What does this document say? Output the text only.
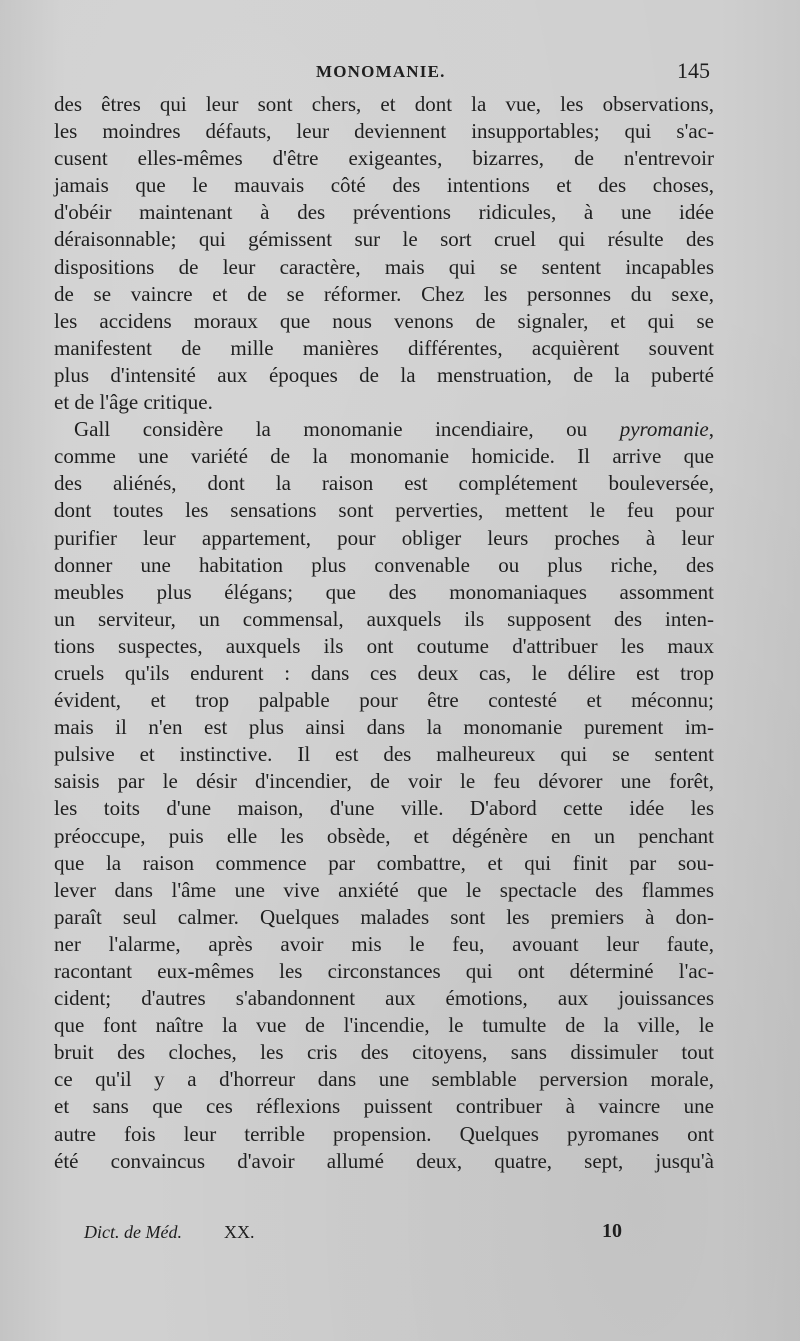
MONOMANIE.	145
des êtres qui leur sont chers, et dont la vue, les observations,
les moindres défauts, leur deviennent insupportables; qui s'ac-
cusent elles-mêmes d'être exigeantes, bizarres, de n'entrevoir
jamais que le mauvais côté des intentions et des choses,
d'obéir maintenant à des préventions ridicules, à une idée
déraisonnable; qui gémissent sur le sort cruel qui résulte des
dispositions de leur caractère, mais qui se sentent incapables
de se vaincre et de se réformer. Chez les personnes du sexe,
les accidens moraux que nous venons de signaler, et qui se
manifestent de mille manières différentes, acquièrent souvent
plus d'intensité aux époques de la menstruation, de la puberté
et de l'âge critique.
Gall considère la monomanie incendiaire, ou pyromanie,
comme une variété de la monomanie homicide. Il arrive que
des aliénés, dont la raison est complétement bouleversée,
dont toutes les sensations sont perverties, mettent le feu pour
purifier leur appartement, pour obliger leurs proches à leur
donner une habitation plus convenable ou plus riche, des
meubles plus élégans; que des monomaniaques assomment
un serviteur, un commensal, auxquels ils supposent des inten-
tions suspectes, auxquels ils ont coutume d'attribuer les maux
cruels qu'ils endurent : dans ces deux cas, le délire est trop
évident, et trop palpable pour être contesté et méconnu;
mais il n'en est plus ainsi dans la monomanie purement im-
pulsive et instinctive. Il est des malheureux qui se sentent
saisis par le désir d'incendier, de voir le feu dévorer une forêt,
les toits d'une maison, d'une ville. D'abord cette idée les
préoccupe, puis elle les obsède, et dégénère en un penchant
que la raison commence par combattre, et qui finit par sou-
lever dans l'âme une vive anxiété que le spectacle des flammes
paraît seul calmer. Quelques malades sont les premiers à don-
ner l'alarme, après avoir mis le feu, avouant leur faute,
racontant eux-mêmes les circonstances qui ont déterminé l'ac-
cident; d'autres s'abandonnent aux émotions, aux jouissances
que font naître la vue de l'incendie, le tumulte de la ville, le
bruit des cloches, les cris des citoyens, sans dissimuler tout
ce qu'il y a d'horreur dans une semblable perversion morale,
et sans que ces réflexions puissent contribuer à vaincre une
autre fois leur terrible propension. Quelques pyromanes ont
été convaincus d'avoir allumé deux, quatre, sept, jusqu'à
Dict. de Méd. XX.	10
